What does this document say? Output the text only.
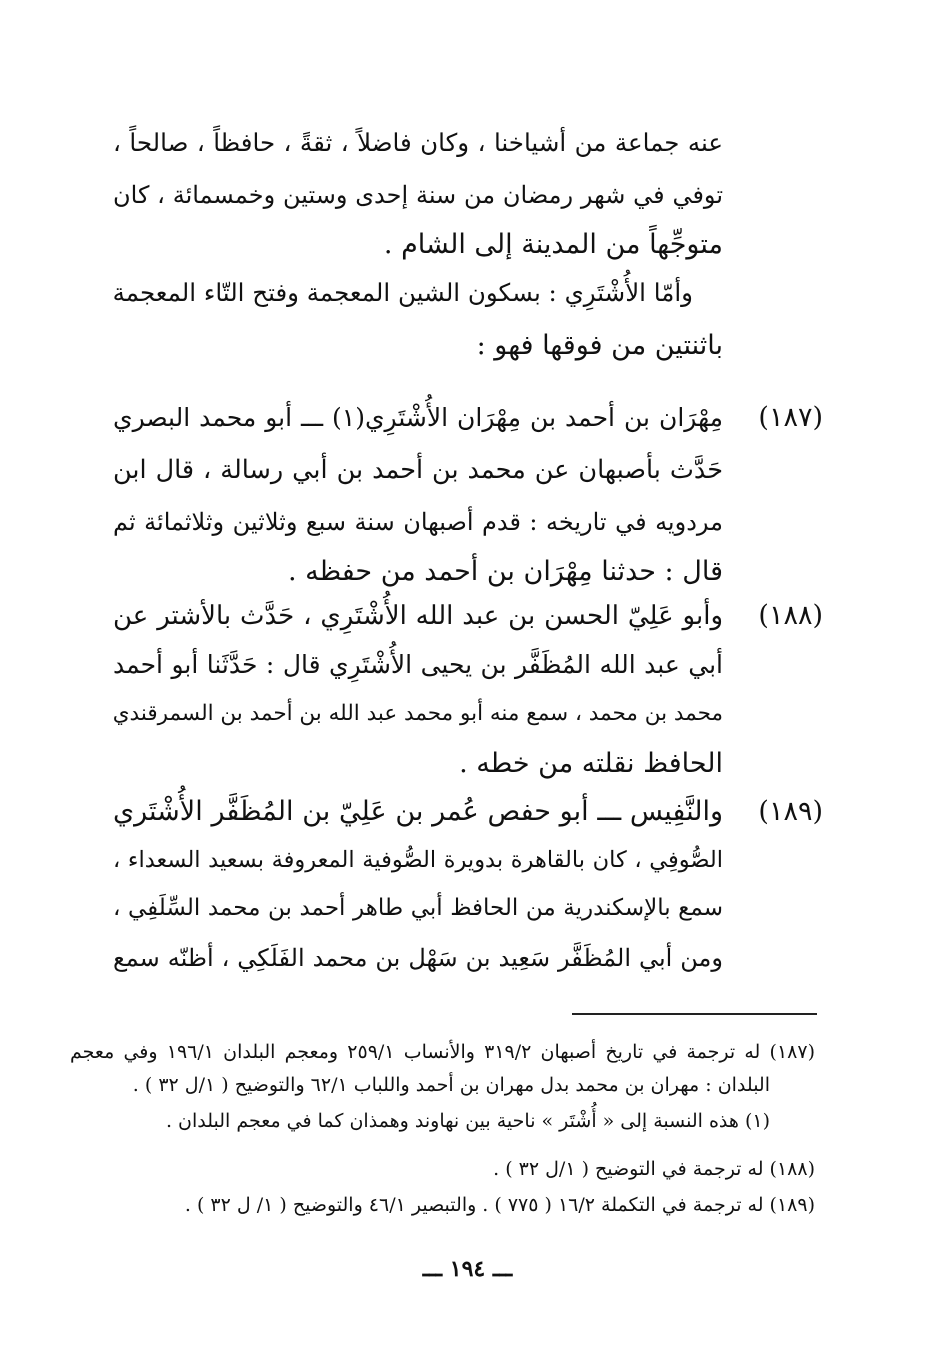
عنه جماعة من أشياخنا ، وكان فاضلاً ، ثقةً ، حافظاً ، صالحاً ،
توفي في شهر رمضان من سنة إحدى وستين وخمسمائة ، كان
متوجِّهاً من المدينة إلى الشام .
وأمّا الأُشْتَرِي : بسكون الشين المعجمة وفتح التّاء المعجمة
باثنتين من فوقها فهو :
(١٨٧)
مِهْرَان بن أحمد بن مِهْرَان الأُشْتَرِي(١) ـــ أبو محمد البصري
حَدَّث بأصبهان عن محمد بن أحمد بن أبي رسالة ، قال ابن
مردويه في تاريخه : قدم أصبهان سنة سبع وثلاثين وثلاثمائة ثم
قال : حدثنا مِهْرَان بن أحمد من حفظه .
(١٨٨)
وأبو عَلِيّ الحسن بن عبد الله الأُشْتَرِي ، حَدَّث بالأشتر عن
أبي عبد الله المُظَفَّر بن يحيى الأُشْتَرِي قال : حَدَّثَنا أبو أحمد
محمد بن محمد ، سمع منه أبو محمد عبد الله بن أحمد بن السمرقندي
الحافظ نقلته من خطه .
(١٨٩)
والنَّفِيس ـــ أبو حفص عُمر بن عَلِيّ بن المُظَفَّر الأُشْتَري
الصُّوفِي ، كان بالقاهرة بدويرة الصُّوفية المعروفة بسعيد السعداء ،
سمع بالإسكندرية من الحافظ أبي طاهر أحمد بن محمد السِّلَفِي ،
ومن أبي المُظَفَّر سَعِيد بن سَهْل بن محمد الفَلَكِي ، أظنّه سمع
(١٨٧) له ترجمة في تاريخ أصبهان ٣١٩/٢ والأنساب ٢٥٩/١ ومعجم البلدان ١٩٦/١ وفي معجم
البلدان : مهران بن محمد بدل مهران بن أحمد واللباب ٦٢/١ والتوضيح ( ١/ل ٣٢ ) .
(١) هذه النسبة إلى « أُشْتَر » ناحية بين نهاوند وهمذان كما في معجم البلدان .
(١٨٨) له ترجمة في التوضيح ( ١/ل ٣٢ ) .
(١٨٩) له ترجمة في التكملة ١٦/٢ ( ٧٧٥ ) . والتبصير ٤٦/١ والتوضيح ( ١/ ل ٣٢ ) .
ـــ ١٩٤ ـــ
